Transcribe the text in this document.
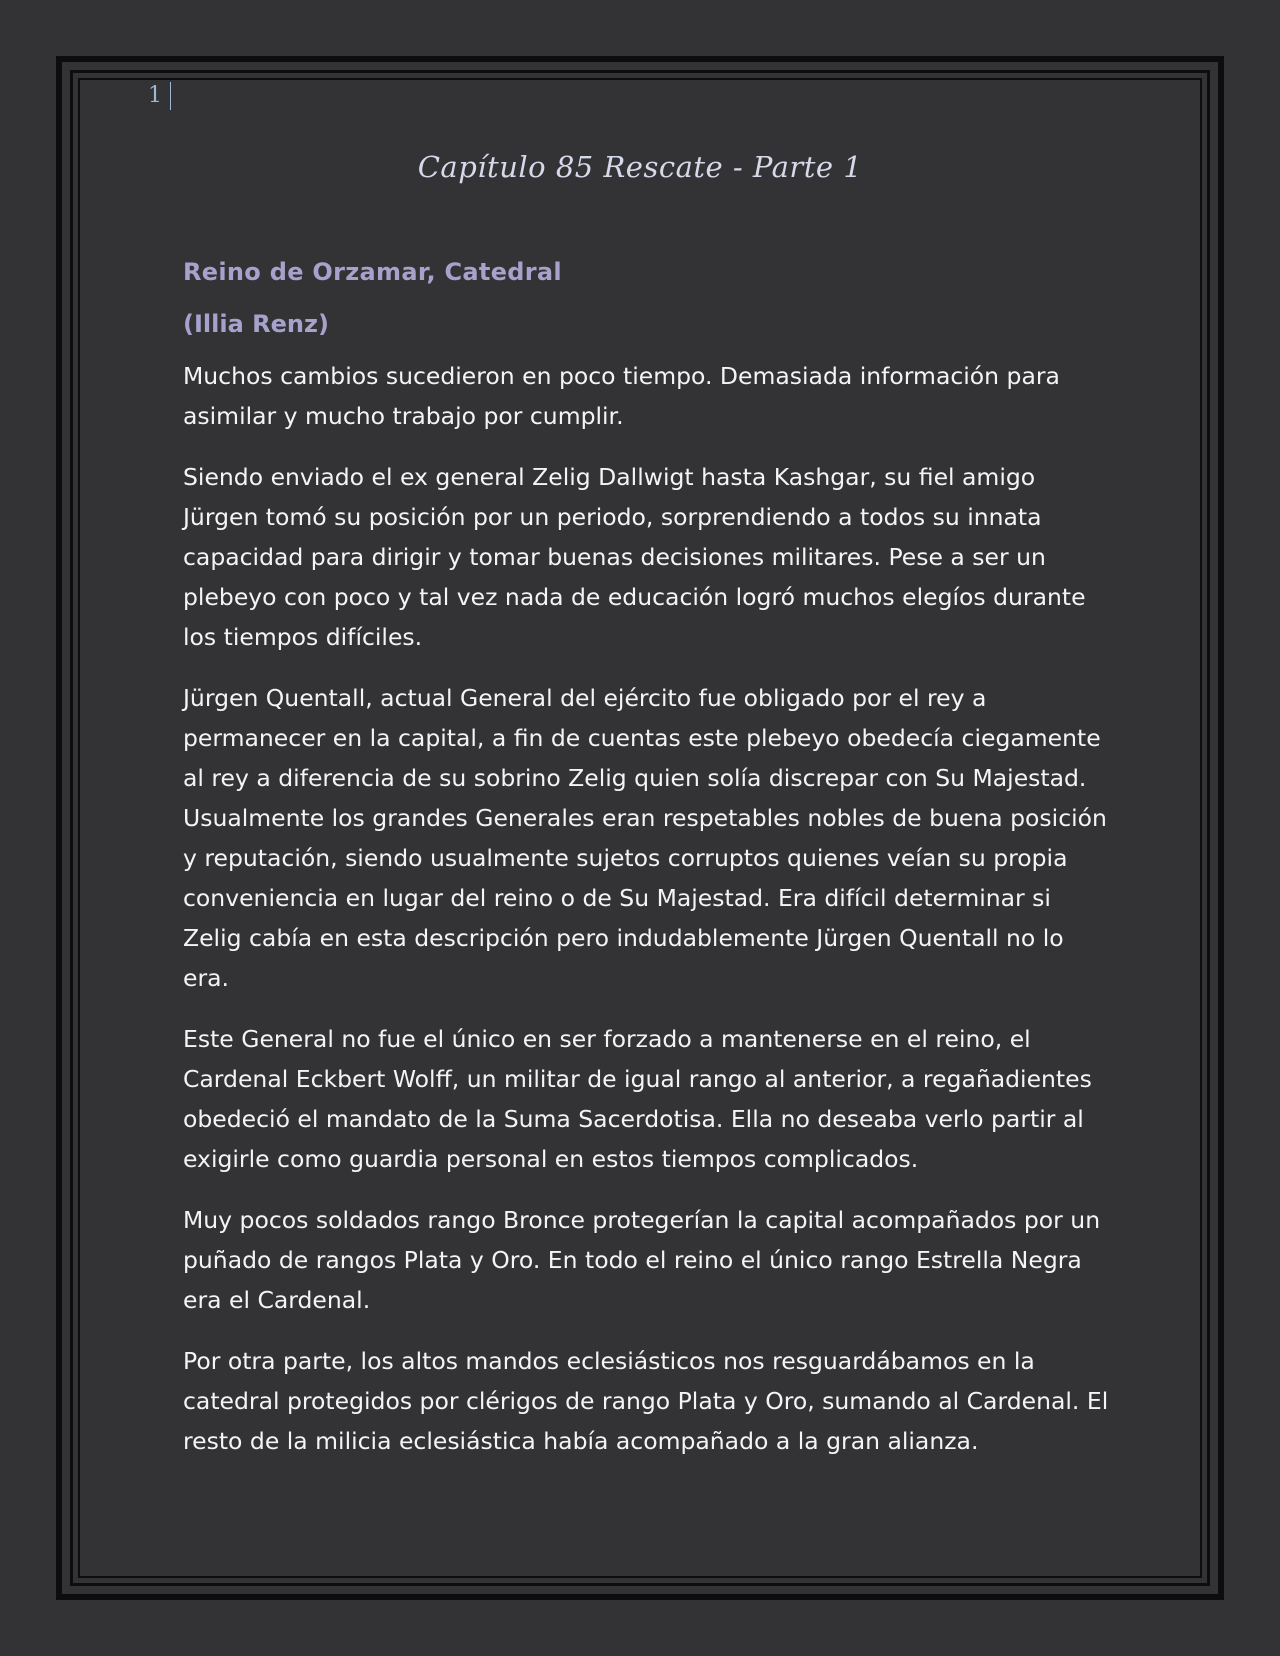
1
Capítulo 85 Rescate - Parte 1

Reino de Orzamar, Catedral

(Illia Renz)

Muchos cambios sucedieron en poco tiempo. Demasiada información para asimilar y mucho trabajo por cumplir.

Siendo enviado el ex general Zelig Dallwigt hasta Kashgar, su fiel amigo Jürgen tomó su posición por un periodo, sorprendiendo a todos su innata capacidad para dirigir y tomar buenas decisiones militares. Pese a ser un plebeyo con poco y tal vez nada de educación logró muchos elegíos durante los tiempos difíciles.

Jürgen Quentall, actual General del ejército fue obligado por el rey a permanecer en la capital, a fin de cuentas este plebeyo obedecía ciegamente al rey a diferencia de su sobrino Zelig quien solía discrepar con Su Majestad. Usualmente los grandes Generales eran respetables nobles de buena posición y reputación, siendo usualmente sujetos corruptos quienes veían su propia conveniencia en lugar del reino o de Su Majestad. Era difícil determinar si Zelig cabía en esta descripción pero indudablemente Jürgen Quentall no lo era.

Este General no fue el único en ser forzado a mantenerse en el reino, el Cardenal Eckbert Wolff, un militar de igual rango al anterior, a regañadientes obedeció el mandato de la Suma Sacerdotisa. Ella no deseaba verlo partir al exigirle como guardia personal en estos tiempos complicados.

Muy pocos soldados rango Bronce protegerían la capital acompañados por un puñado de rangos Plata y Oro. En todo el reino el único rango Estrella Negra era el Cardenal.

Por otra parte, los altos mandos eclesiásticos nos resguardábamos en la catedral protegidos por clérigos de rango Plata y Oro, sumando al Cardenal. El resto de la milicia eclesiástica había acompañado a la gran alianza.
